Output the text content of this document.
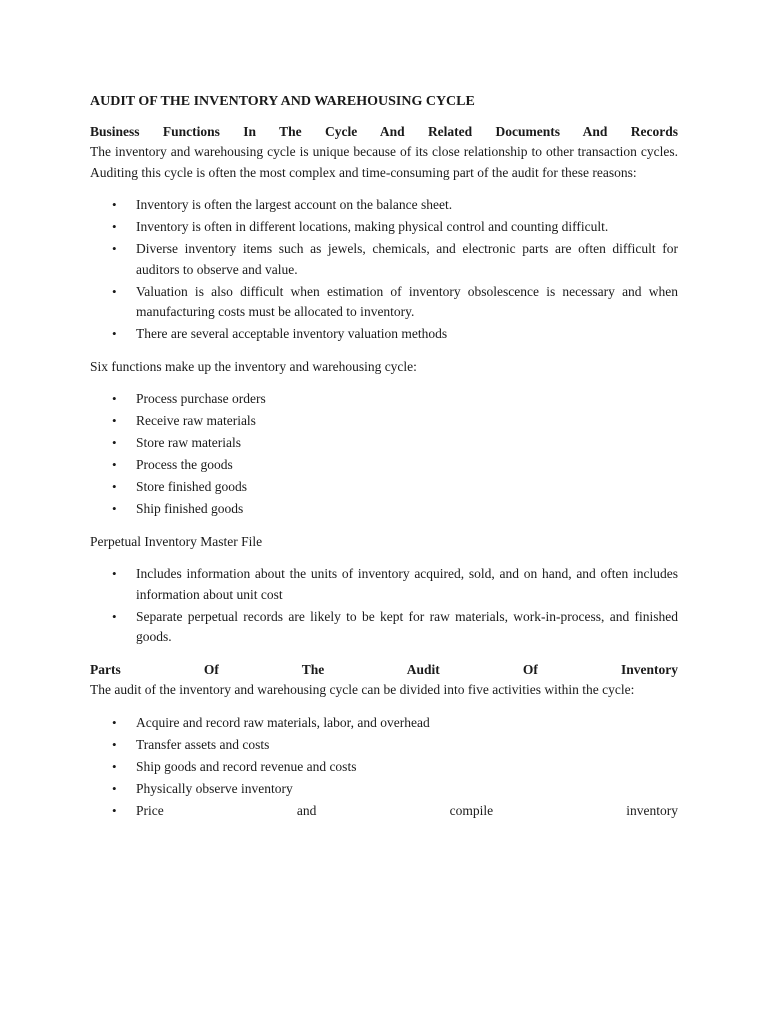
AUDIT OF THE INVENTORY AND WAREHOUSING CYCLE

Business Functions In The Cycle And Related Documents And Records

The inventory and warehousing cycle is unique because of its close relationship to other transaction cycles.

Auditing this cycle is often the most complex and time-consuming part of the audit for these reasons:

• Inventory is often the largest account on the balance sheet.
• Inventory is often in different locations, making physical control and counting difficult.
• Diverse inventory items such as jewels, chemicals, and electronic parts are often difficult for auditors to observe and value.
• Valuation is also difficult when estimation of inventory obsolescence is necessary and when manufacturing costs must be allocated to inventory.
• There are several acceptable inventory valuation methods

Six functions make up the inventory and warehousing cycle:

• Process purchase orders
• Receive raw materials
• Store raw materials
• Process the goods
• Store finished goods
• Ship finished goods

Perpetual Inventory Master File

• Includes information about the units of inventory acquired, sold, and on hand, and often includes information about unit cost
• Separate perpetual records are likely to be kept for raw materials, work-in-process, and finished goods.

Parts Of The Audit Of Inventory

The audit of the inventory and warehousing cycle can be divided into five activities within the cycle:

• Acquire and record raw materials, labor, and overhead
• Transfer assets and costs
• Ship goods and record revenue and costs
• Physically observe inventory
• Price and compile inventory
